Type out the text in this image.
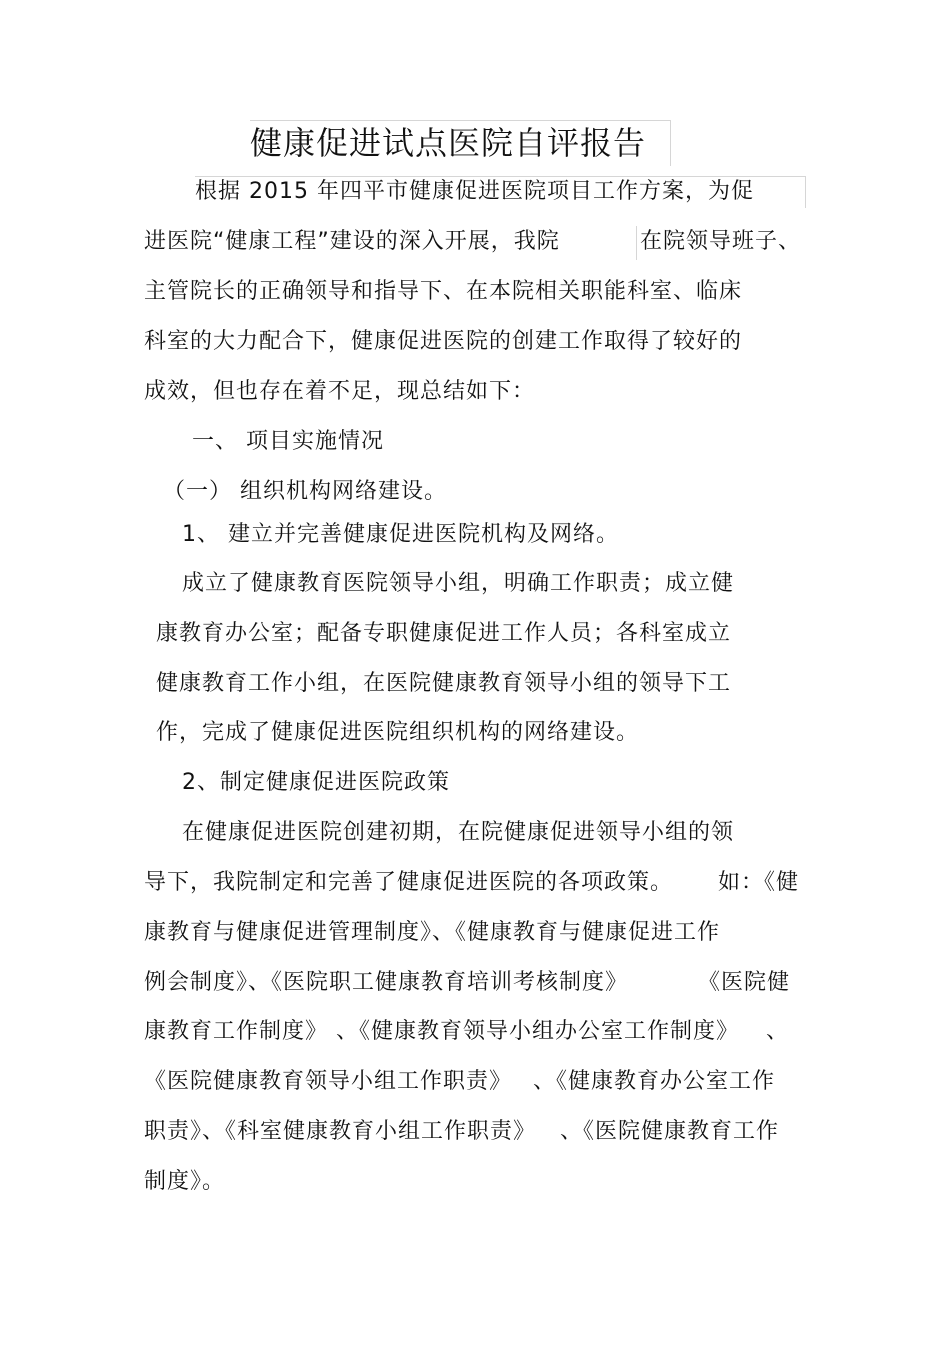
健康促进试点医院自评报告
根据 2015 年四平市健康促进医院项目工作方案，为促
进医院“健康工程”建设的深入开展，我院	在院领导班子、
主管院长的正确领导和指导下、在本院相关职能科室、临床
科室的大力配合下，健康促进医院的创建工作取得了较好的
成效，但也存在着不足，现总结如下：
一、 项目实施情况
（一） 组织机构网络建设。
1、 建立并完善健康促进医院机构及网络。
成立了健康教育医院领导小组，明确工作职责；成立健
康教育办公室；配备专职健康促进工作人员；各科室成立
健康教育工作小组，在医院健康教育领导小组的领导下工
作，完成了健康促进医院组织机构的网络建设。
2、制定健康促进医院政策
在健康促进医院创建初期，在院健康促进领导小组的领
导下，我院制定和完善了健康促进医院的各项政策。 如：《健
康教育与健康促进管理制度》、《健康教育与健康促进工作
例会制度》、《医院职工健康教育培训考核制度》	《医院健
康教育工作制度》 、《健康教育领导小组办公室工作制度》 、
《医院健康教育领导小组工作职责》 、《健康教育办公室工作
职责》、《科室健康教育小组工作职责》 、《医院健康教育工作
制度》。
